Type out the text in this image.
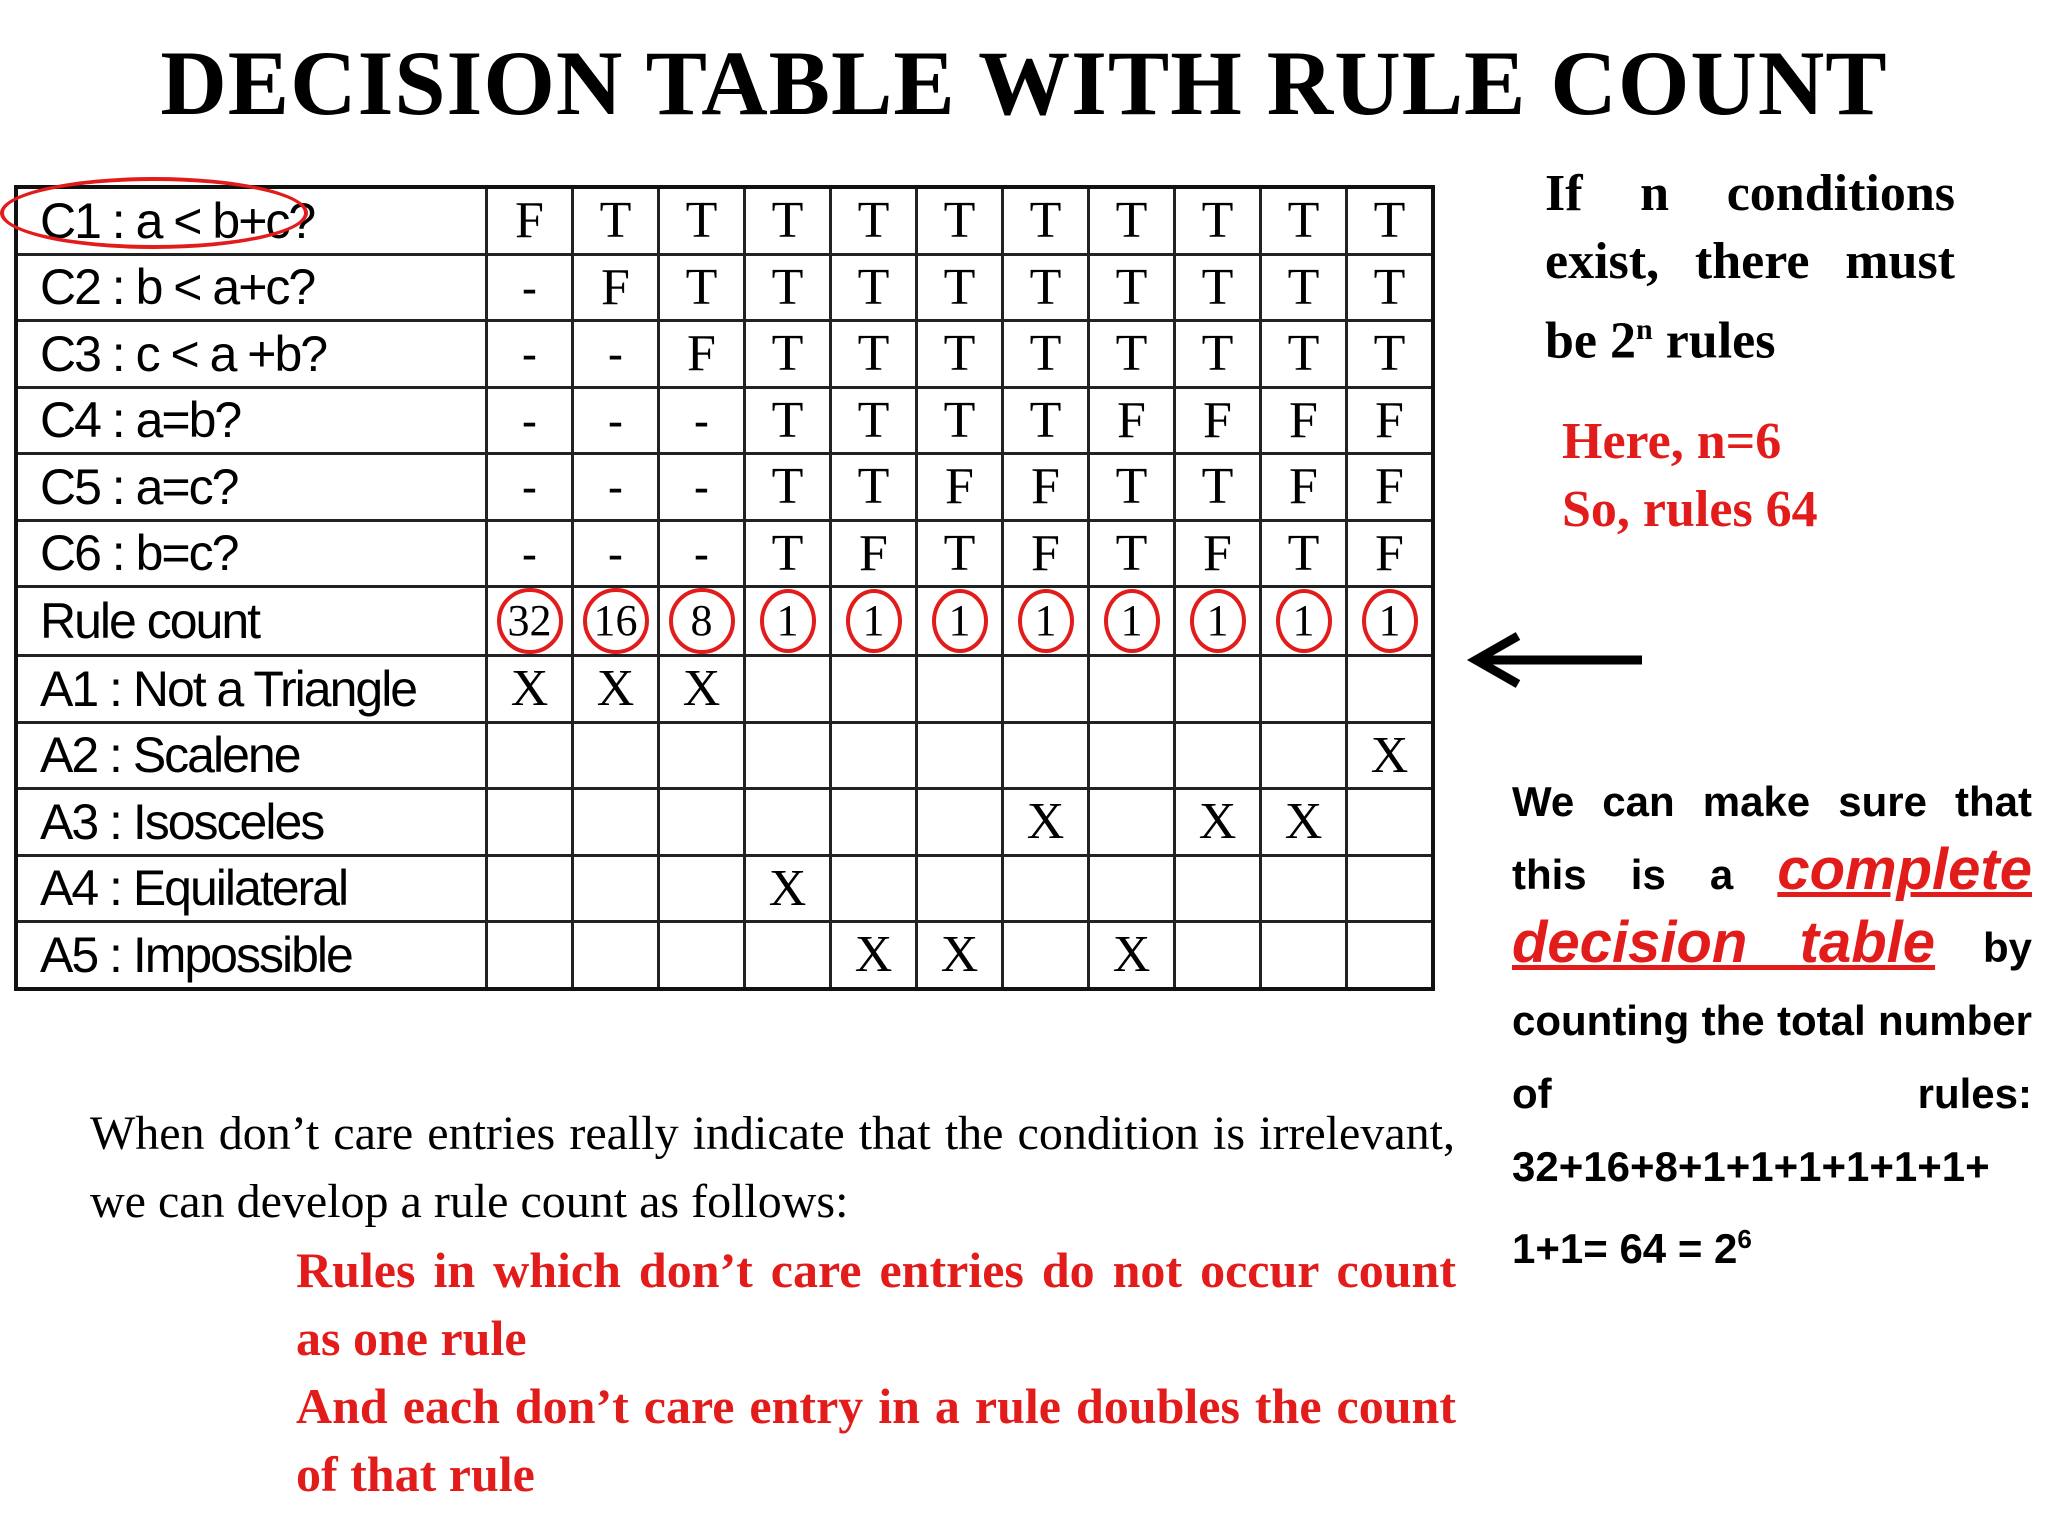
DECISION TABLE WITH RULE COUNT
C1 : a < b+c?	F	T	T	T	T	T	T	T	T	T	T
C2 : b < a+c?	-	F	T	T	T	T	T	T	T	T	T
C3 : c < a +b?	-	-	F	T	T	T	T	T	T	T	T
C4 : a=b?	-	-	-	T	T	T	T	F	F	F	F
C5 : a=c?	-	-	-	T	T	F	F	T	T	F	F
C6 : b=c?	-	-	-	T	F	T	F	T	F	T	F
Rule count	32	16	8	1	1	1	1	1	1	1	1
A1 : Not a Triangle	X	X	X								
A2 : Scalene											X
A3 : Isosceles							X		X	X	
A4 : Equilateral				X							
A5 : Impossible					X	X		X			
If n conditions exist, there must be 2$^n$ rules
Here, n=6
So, rules 64
We can make sure that this is a complete decision table by counting the total number of rules: $32+16+8+1+1+1+1+1+1+ 1+1= 64 = 2^6$
When don’t care entries really indicate that the condition is irrelevant, we can develop a rule count as follows:
Rules in which don’t care entries do not occur count as one rule
And each don’t care entry in a rule doubles the count of that rule
